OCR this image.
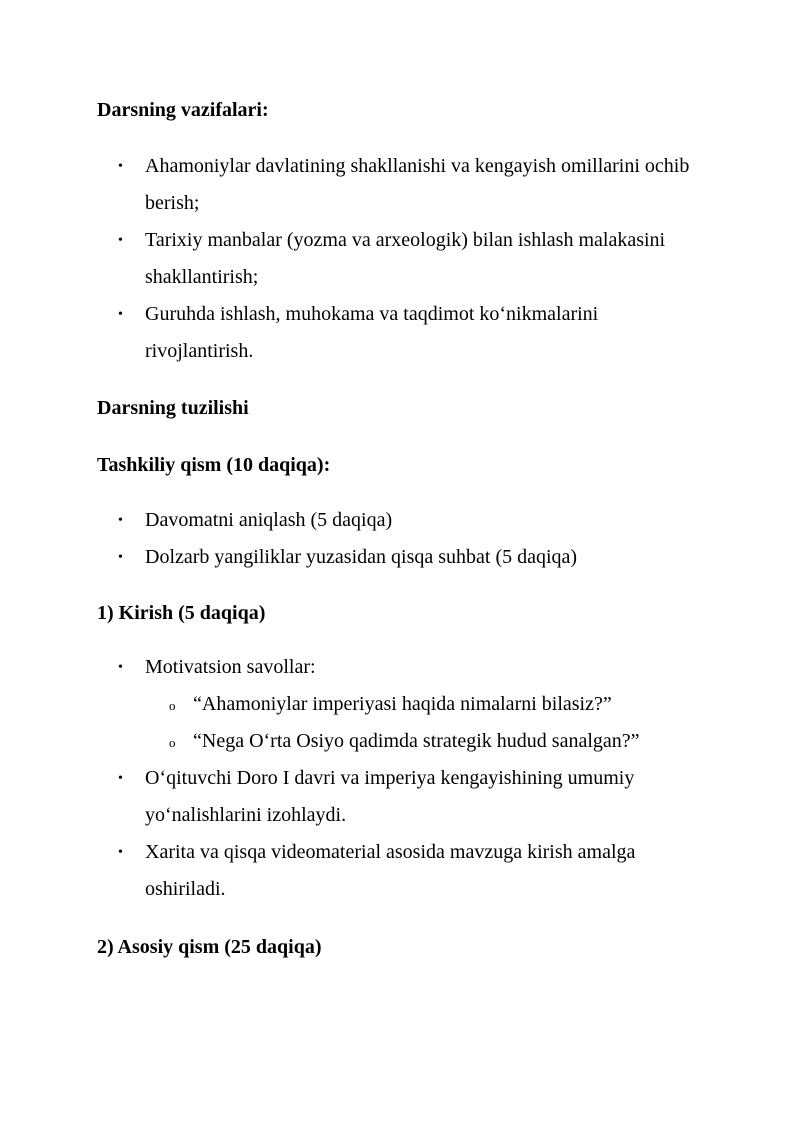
Darsning vazifalari:

• Ahamoniylar davlatining shakllanishi va kengayish omillarini ochib berish;

• Tarixiy manbalar (yozma va arxeologik) bilan ishlash malakasini shakllantirish;

• Guruhda ishlash, muhokama va taqdimot ko‘nikmalarini rivojlantirish.

Darsning tuzilishi
Tashkiliy qism (10 daqiqa):

• Davomatni aniqlash (5 daqiqa)

• Dolzarb yangiliklar yuzasidan qisqa suhbat (5 daqiqa)

1) Kirish (5 daqiqa)

• Motivatsion savollar:

o “Ahamoniylar imperiyasi haqida nimalarni bilasiz?”

o “Nega O‘rta Osiyo qadimda strategik hudud sanalgan?”

• O‘qituvchi Doro I davri va imperiya kengayishining umumiy yo‘nalishlarini izohlaydi.

• Xarita va qisqa videomaterial asosida mavzuga kirish amalga oshiriladi.

2) Asosiy qism (25 daqiqa)
